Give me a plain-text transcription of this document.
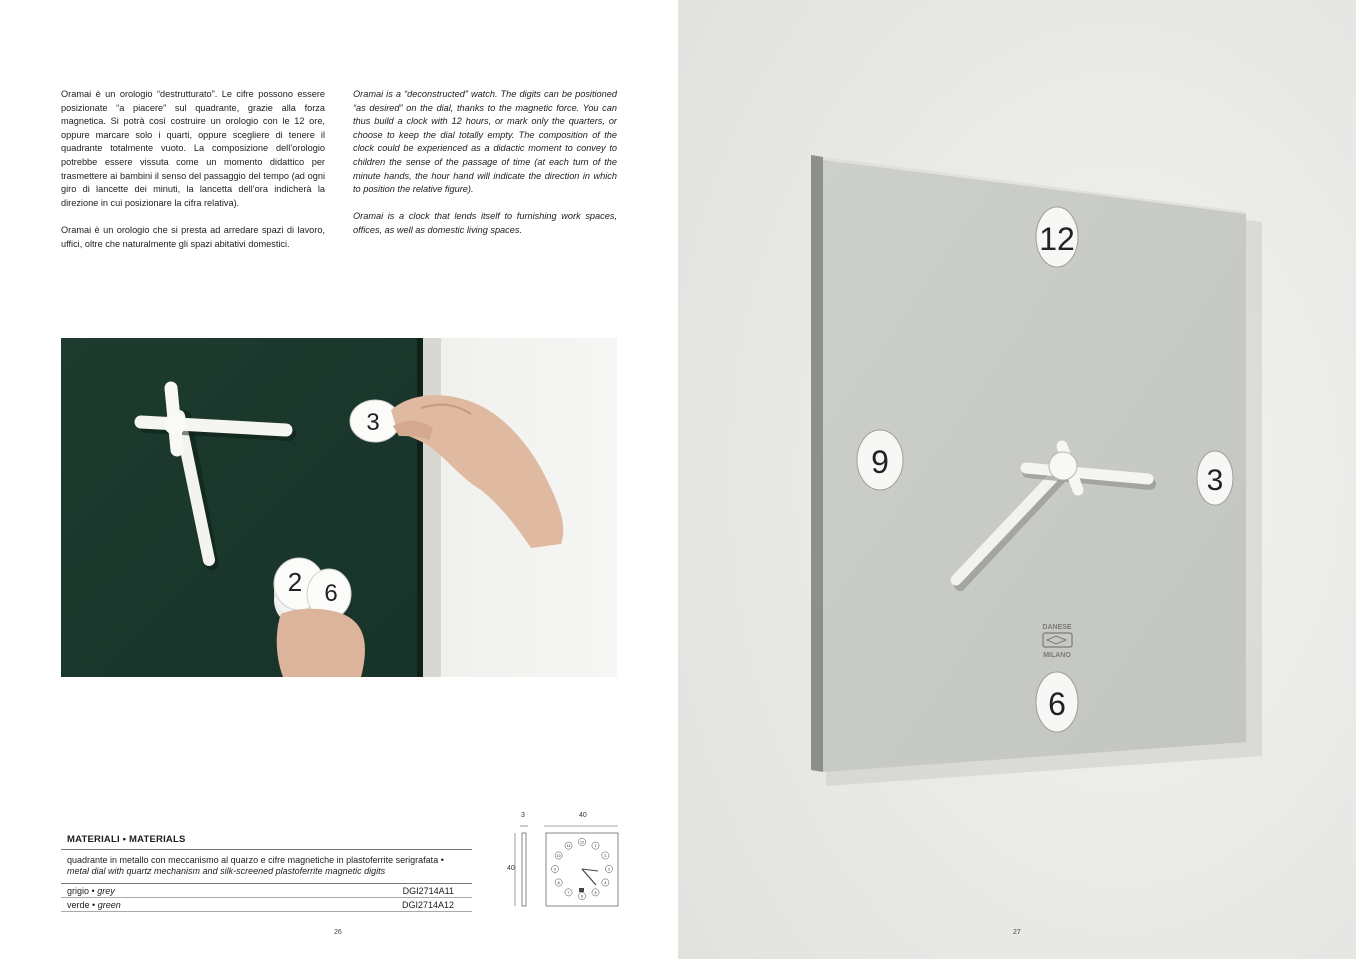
Oramai è un orologio “destrutturato”. Le cifre possono essere posizionate “a piacere” sul quadrante, grazie alla forza magnetica. Si potrà così costruire un orologio con le 12 ore, oppure marcare solo i quarti, oppure scegliere di tenere il quadrante totalmente vuoto. La composizione dell’orologio potrebbe essere vissuta come un momento didattico per trasmettere ai bambini il senso del passaggio del tempo (ad ogni giro di lancette dei minuti, la lancetta dell’ora indicherà la direzione in cui posizionare la cifra relativa).

Oramai è un orologio che si presta ad arredare spazi di lavoro, uffici, oltre che naturalmente gli spazi abitativi domestici.

Oramai is a “deconstructed” watch. The digits can be positioned “as desired” on the dial, thanks to the magnetic force. You can thus build a clock with 12 hours, or mark only the quarters, or choose to keep the dial totally empty. The composition of the clock could be experienced as a didactic moment to convey to children the sense of the passage of time (at each turn of the minute hands, the hour hand will indicate the direction in which to position the relative figure).

Oramai is a clock that lends itself to furnishing work spaces, offices, as well as domestic living spaces.

3
2 6
MATERIALI • MATERIALS
quadrante in metallo con meccanismo al quarzo e cifre magnetiche in plastoferrite serigrafata •
metal dial with quartz mechanism and silk-screened plastoferrite magnetic digits
grigio • grey	DGI2714A11
verde • green	DGI2714A12
3	40
40
12
1
2
3
4
5
6
7
8
9
10
11
26
12
9
3
6
DANESE
MILANO
27
